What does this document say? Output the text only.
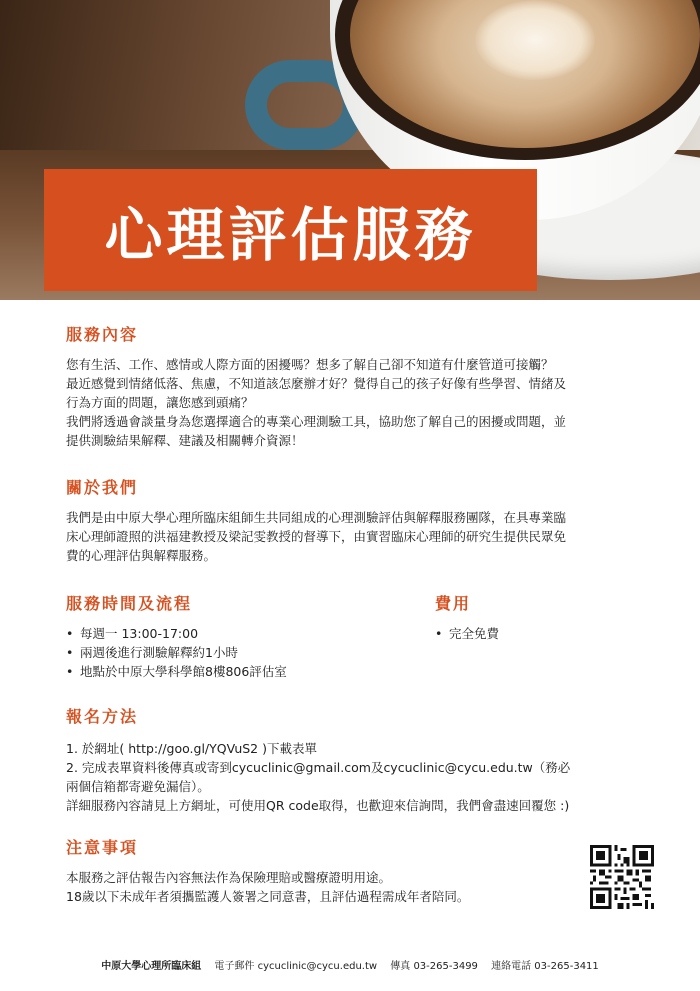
心理評估服務
服務內容

您有生活、工作、感情或人際方面的困擾嗎？想多了解自己卻不知道有什麼管道可接觸？

最近感覺到情緒低落、焦慮，不知道該怎麼辦才好？覺得自己的孩子好像有些學習、情緒及

行為方面的問題，讓您感到頭痛？

我們將透過會談量身為您選擇適合的專業心理測驗工具，協助您了解自己的困擾或問題，並

提供測驗結果解釋、建議及相關轉介資源！

關於我們

我們是由中原大學心理所臨床組師生共同組成的心理測驗評估與解釋服務團隊，在具專業臨

床心理師證照的洪福建教授及梁記雯教授的督導下，由實習臨床心理師的研究生提供民眾免

費的心理評估與解釋服務。

服務時間及流程
• 每週一 13:00-17:00
• 兩週後進行測驗解釋約1小時
• 地點於中原大學科學館8樓806評估室
費用
• 完全免費
報名方法

1. 於網址( http://goo.gl/YQVuS2 )下載表單

2. 完成表單資料後傳真或寄到cycuclinic@gmail.com及cycuclinic@cycu.edu.tw（務必

兩個信箱都寄避免漏信）。

詳細服務內容請見上方網址，可使用QR code取得，也歡迎來信詢問，我們會盡速回覆您 :)

注意事項

本服務之評估報告內容無法作為保險理賠或醫療證明用途。

18歲以下未成年者須攜監護人簽署之同意書，且評估過程需成年者陪同。

中原大學心理所臨床組 電子郵件 cycuclinic@cycu.edu.tw 傳真 03-265-3499 連絡電話 03-265-3411
